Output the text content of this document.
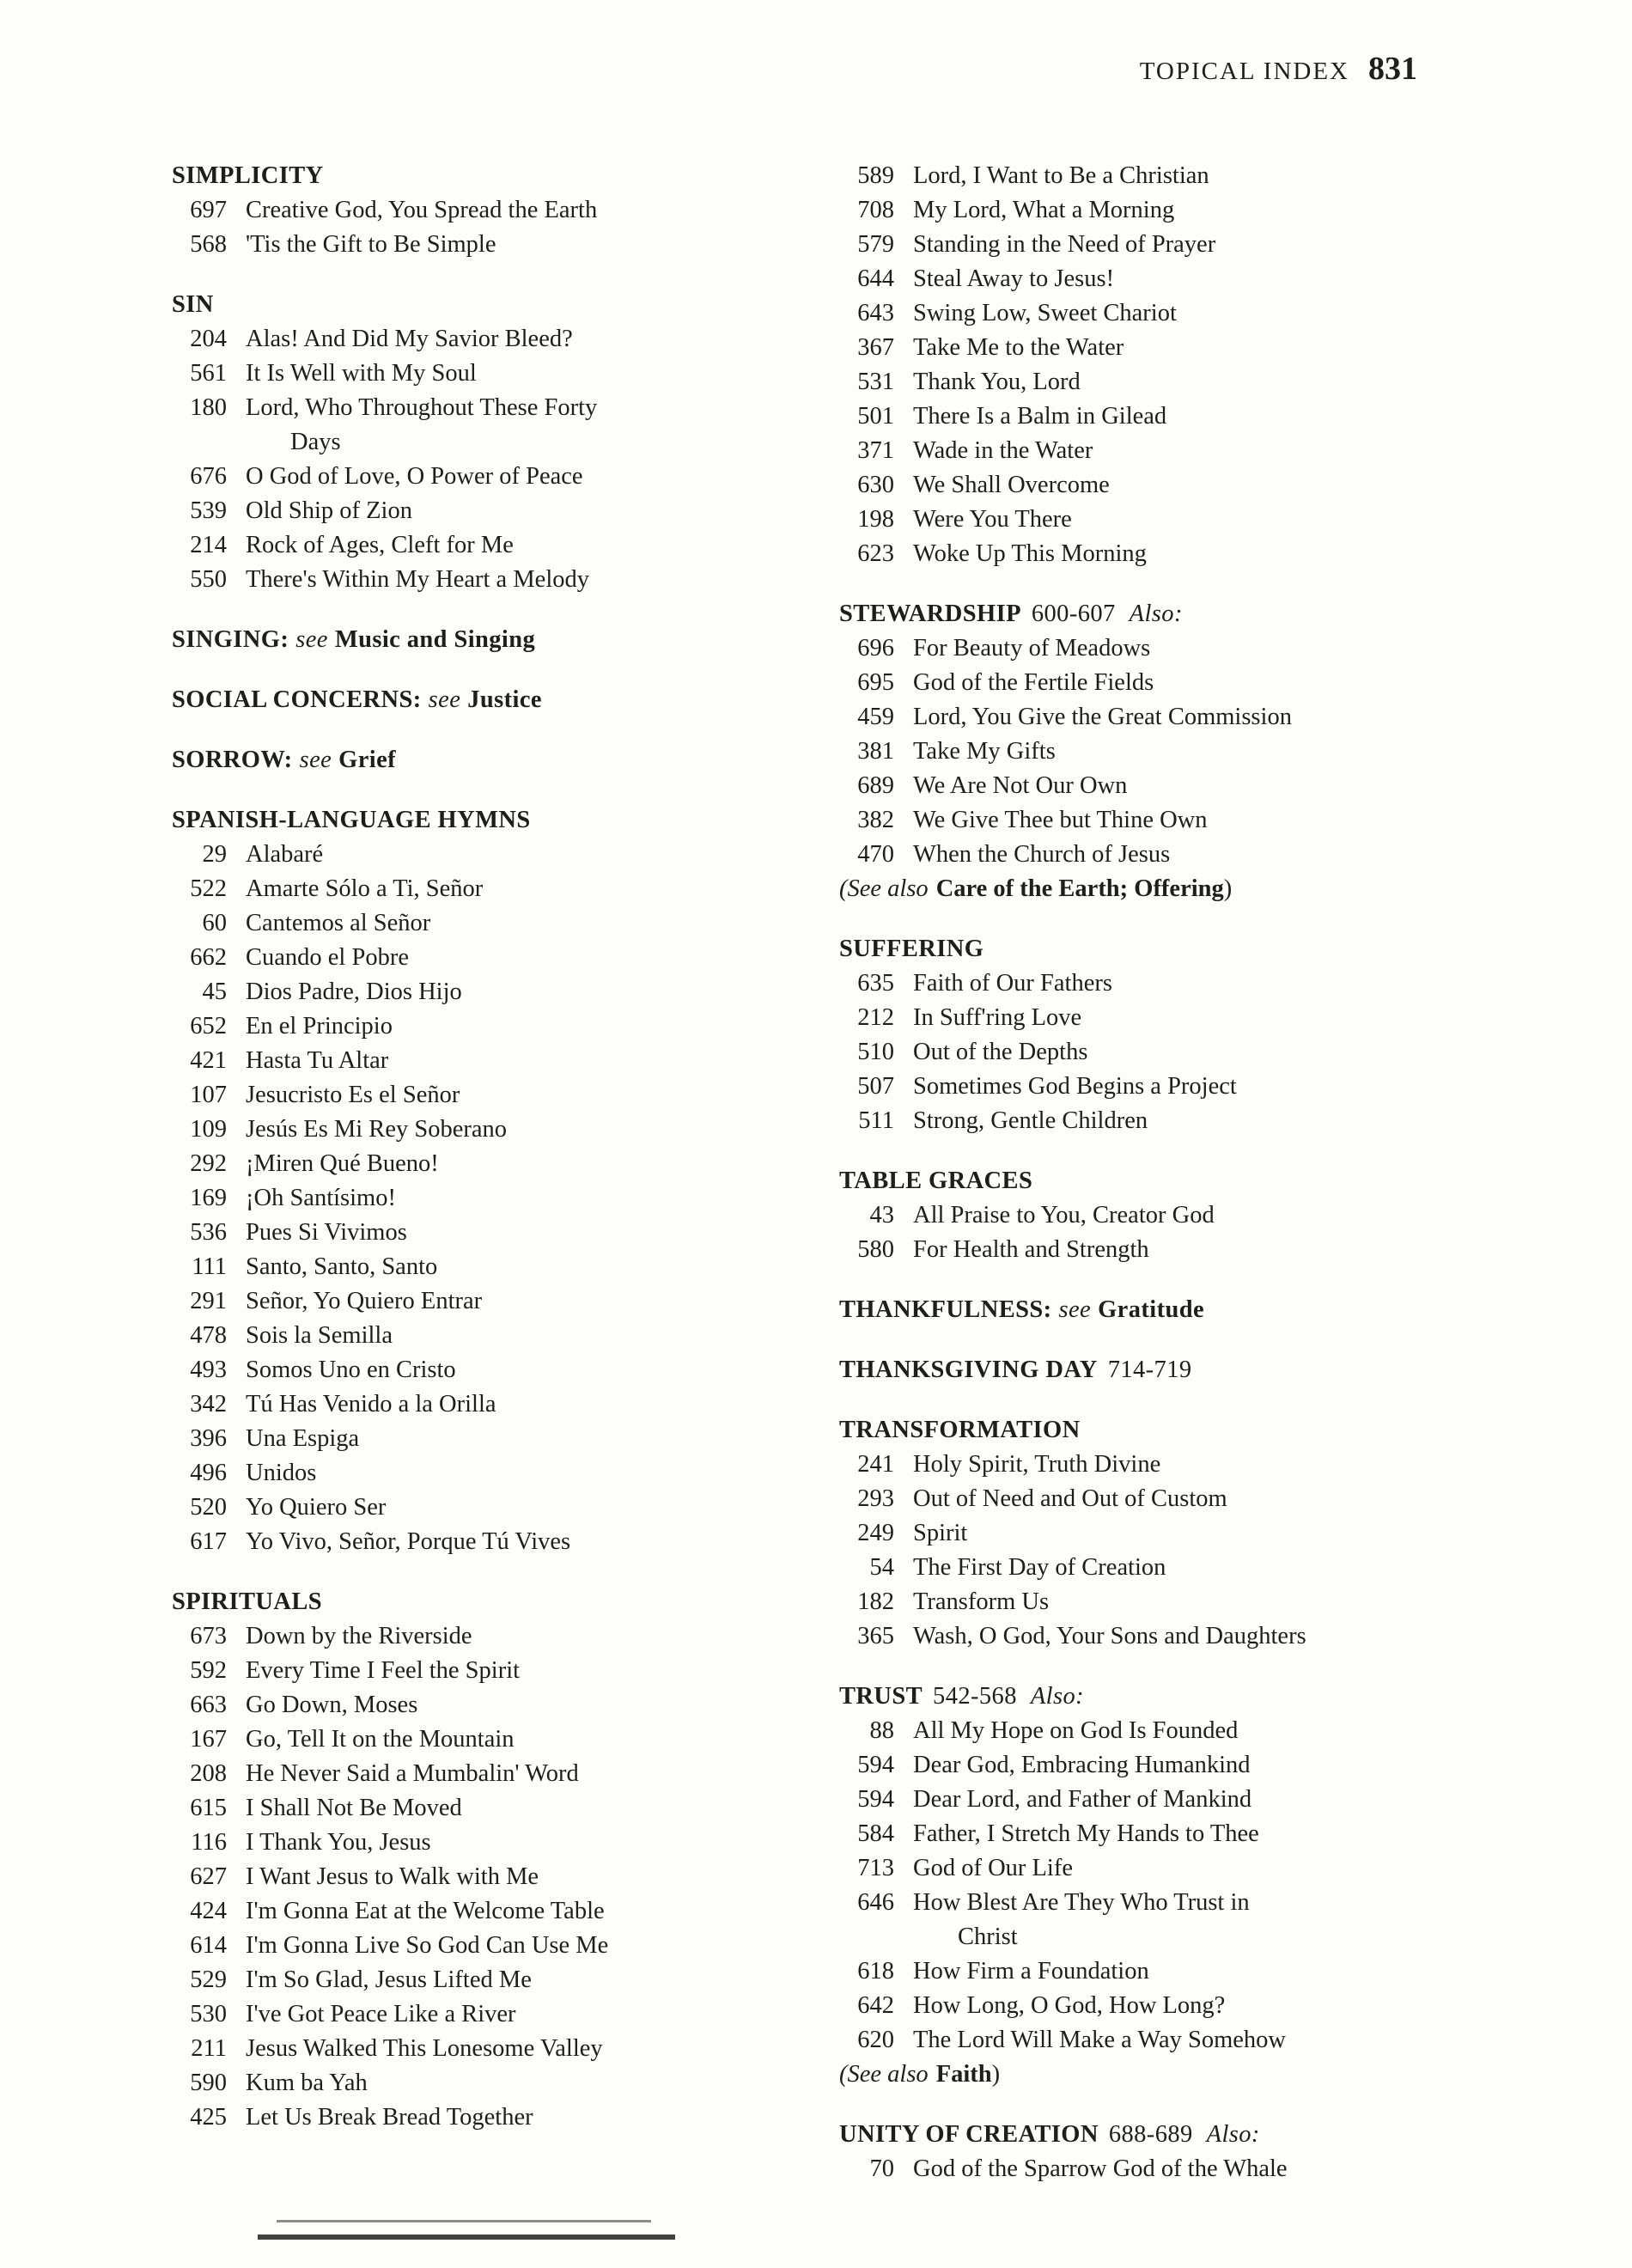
TOPICAL INDEX 831
SIMPLICITY
697 Creative God, You Spread the Earth
568 'Tis the Gift to Be Simple
SIN
204 Alas! And Did My Savior Bleed?
561 It Is Well with My Soul
180 Lord, Who Throughout These Forty
Days
676 O God of Love, O Power of Peace
539 Old Ship of Zion
214 Rock of Ages, Cleft for Me
550 There's Within My Heart a Melody
SINGING: see Music and Singing
SOCIAL CONCERNS: see Justice
SORROW: see Grief
SPANISH-LANGUAGE HYMNS
29 Alabaré
522 Amarte Sólo a Ti, Señor
60 Cantemos al Señor
662 Cuando el Pobre
45 Dios Padre, Dios Hijo
652 En el Principio
421 Hasta Tu Altar
107 Jesucristo Es el Señor
109 Jesús Es Mi Rey Soberano
292 ¡Miren Qué Bueno!
169 ¡Oh Santísimo!
536 Pues Si Vivimos
111 Santo, Santo, Santo
291 Señor, Yo Quiero Entrar
478 Sois la Semilla
493 Somos Uno en Cristo
342 Tú Has Venido a la Orilla
396 Una Espiga
496 Unidos
520 Yo Quiero Ser
617 Yo Vivo, Señor, Porque Tú Vives
SPIRITUALS
673 Down by the Riverside
592 Every Time I Feel the Spirit
663 Go Down, Moses
167 Go, Tell It on the Mountain
208 He Never Said a Mumbalin' Word
615 I Shall Not Be Moved
116 I Thank You, Jesus
627 I Want Jesus to Walk with Me
424 I'm Gonna Eat at the Welcome Table
614 I'm Gonna Live So God Can Use Me
529 I'm So Glad, Jesus Lifted Me
530 I've Got Peace Like a River
211 Jesus Walked This Lonesome Valley
590 Kum ba Yah
425 Let Us Break Bread Together
589 Lord, I Want to Be a Christian
708 My Lord, What a Morning
579 Standing in the Need of Prayer
644 Steal Away to Jesus!
643 Swing Low, Sweet Chariot
367 Take Me to the Water
531 Thank You, Lord
501 There Is a Balm in Gilead
371 Wade in the Water
630 We Shall Overcome
198 Were You There
623 Woke Up This Morning
STEWARDSHIP 600-607 Also:
696 For Beauty of Meadows
695 God of the Fertile Fields
459 Lord, You Give the Great Commission
381 Take My Gifts
689 We Are Not Our Own
382 We Give Thee but Thine Own
470 When the Church of Jesus
(See also Care of the Earth; Offering)
SUFFERING
635 Faith of Our Fathers
212 In Suff'ring Love
510 Out of the Depths
507 Sometimes God Begins a Project
511 Strong, Gentle Children
TABLE GRACES
43 All Praise to You, Creator God
580 For Health and Strength
THANKFULNESS: see Gratitude
THANKSGIVING DAY 714-719
TRANSFORMATION
241 Holy Spirit, Truth Divine
293 Out of Need and Out of Custom
249 Spirit
54 The First Day of Creation
182 Transform Us
365 Wash, O God, Your Sons and Daughters
TRUST 542-568 Also:
88 All My Hope on God Is Founded
594 Dear God, Embracing Humankind
594 Dear Lord, and Father of Mankind
584 Father, I Stretch My Hands to Thee
713 God of Our Life
646 How Blest Are They Who Trust in
Christ
618 How Firm a Foundation
642 How Long, O God, How Long?
620 The Lord Will Make a Way Somehow
(See also Faith)
UNITY OF CREATION 688-689 Also:
70 God of the Sparrow God of the Whale
